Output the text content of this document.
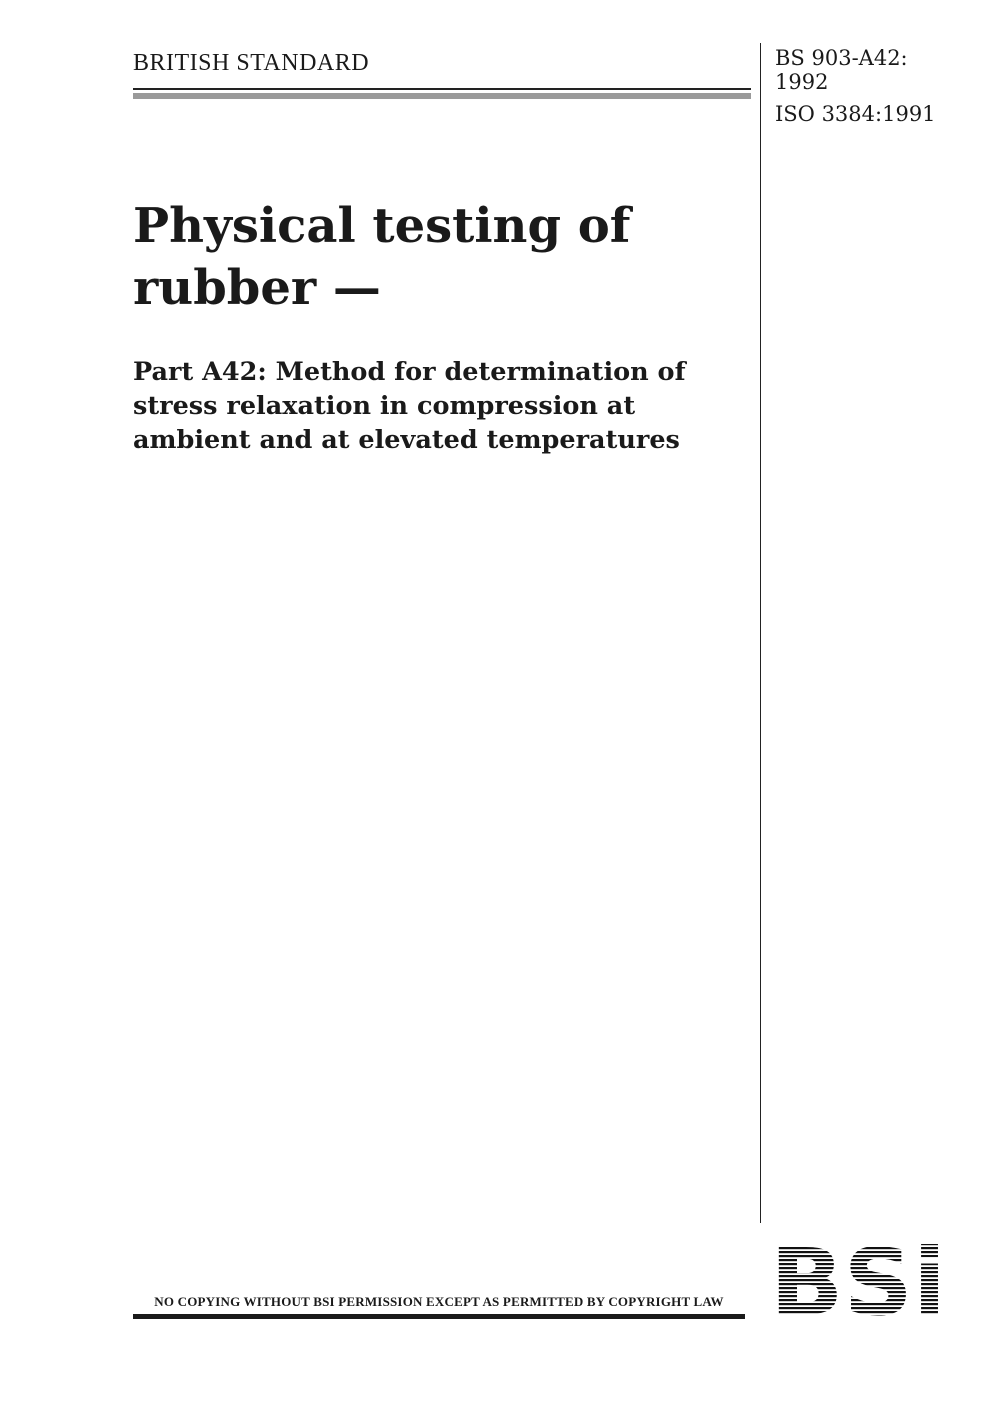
BRITISH STANDARD	BS 903-A42:
1992
ISO 3384:1991
Physical testing of rubber —
Part A42: Method for determination of stress relaxation in compression at ambient and at elevated temperatures
NO COPYING WITHOUT BSI PERMISSION EXCEPT AS PERMITTED BY COPYRIGHT LAW
